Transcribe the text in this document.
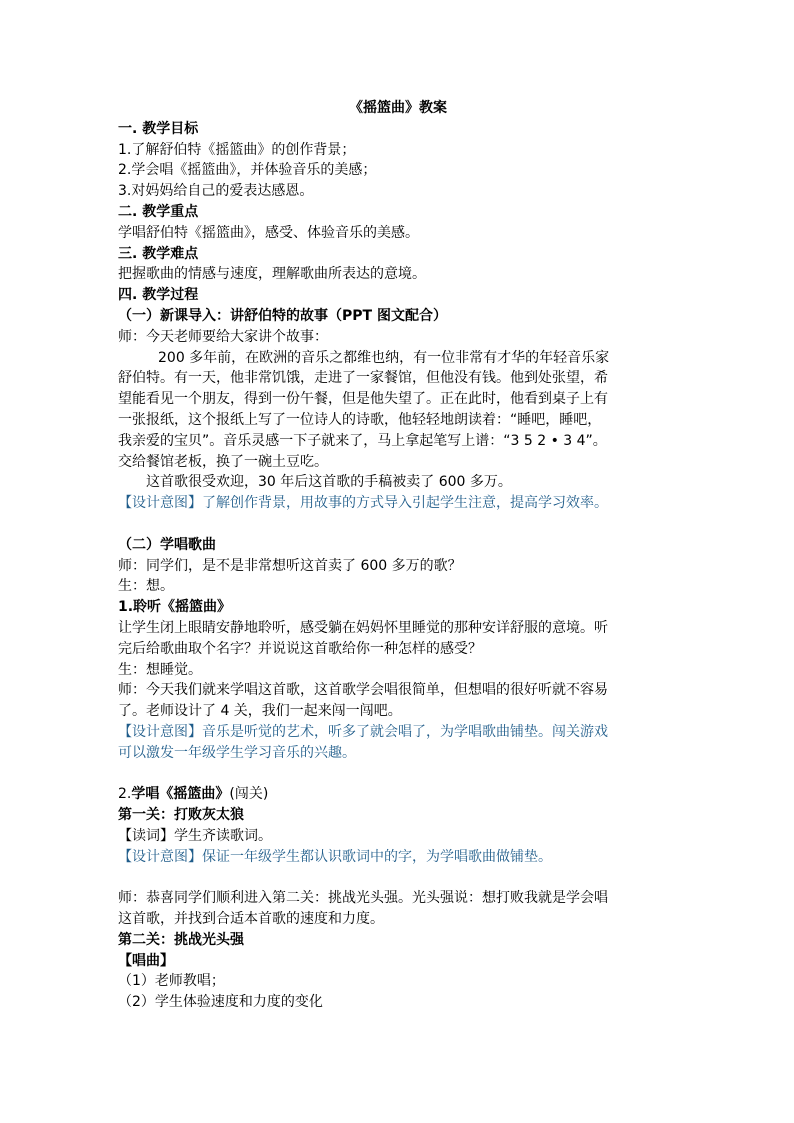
《摇篮曲》教案
一. 教学目标
1.了解舒伯特《摇篮曲》的创作背景；
2.学会唱《摇篮曲》，并体验音乐的美感；
3.对妈妈给自己的爱表达感恩。
二. 教学重点
学唱舒伯特《摇篮曲》，感受、体验音乐的美感。
三. 教学难点
把握歌曲的情感与速度，理解歌曲所表达的意境。
四. 教学过程
（一）新课导入：讲舒伯特的故事（PPT 图文配合）
师：今天老师要给大家讲个故事：
200 多年前，在欧洲的音乐之都维也纳，有一位非常有才华的年轻音乐家
舒伯特。有一天，他非常饥饿，走进了一家餐馆，但他没有钱。他到处张望，希
望能看见一个朋友，得到一份午餐，但是他失望了。正在此时，他看到桌子上有
一张报纸，这个报纸上写了一位诗人的诗歌，他轻轻地朗读着：“睡吧，睡吧，
我亲爱的宝贝”。音乐灵感一下子就来了，马上拿起笔写上谱：“3 5 2 • 3 4”。
交给餐馆老板，换了一碗土豆吃。
这首歌很受欢迎，30 年后这首歌的手稿被卖了 600 多万。
【设计意图】了解创作背景，用故事的方式导入引起学生注意，提高学习效率。
（二）学唱歌曲
师：同学们，是不是非常想听这首卖了 600 多万的歌？
生：想。
1.聆听《摇篮曲》
让学生闭上眼睛安静地聆听，感受躺在妈妈怀里睡觉的那种安详舒服的意境。听
完后给歌曲取个名字？并说说这首歌给你一种怎样的感受？
生：想睡觉。
师：今天我们就来学唱这首歌，这首歌学会唱很简单，但想唱的很好听就不容易
了。老师设计了 4 关，我们一起来闯一闯吧。
【设计意图】音乐是听觉的艺术，听多了就会唱了，为学唱歌曲铺垫。闯关游戏
可以激发一年级学生学习音乐的兴趣。
2.学唱《摇篮曲》(闯关)
第一关：打败灰太狼
【读词】学生齐读歌词。
【设计意图】保证一年级学生都认识歌词中的字，为学唱歌曲做铺垫。
师：恭喜同学们顺利进入第二关：挑战光头强。光头强说：想打败我就是学会唱
这首歌，并找到合适本首歌的速度和力度。
第二关：挑战光头强
【唱曲】
（1）老师教唱；
（2）学生体验速度和力度的变化
